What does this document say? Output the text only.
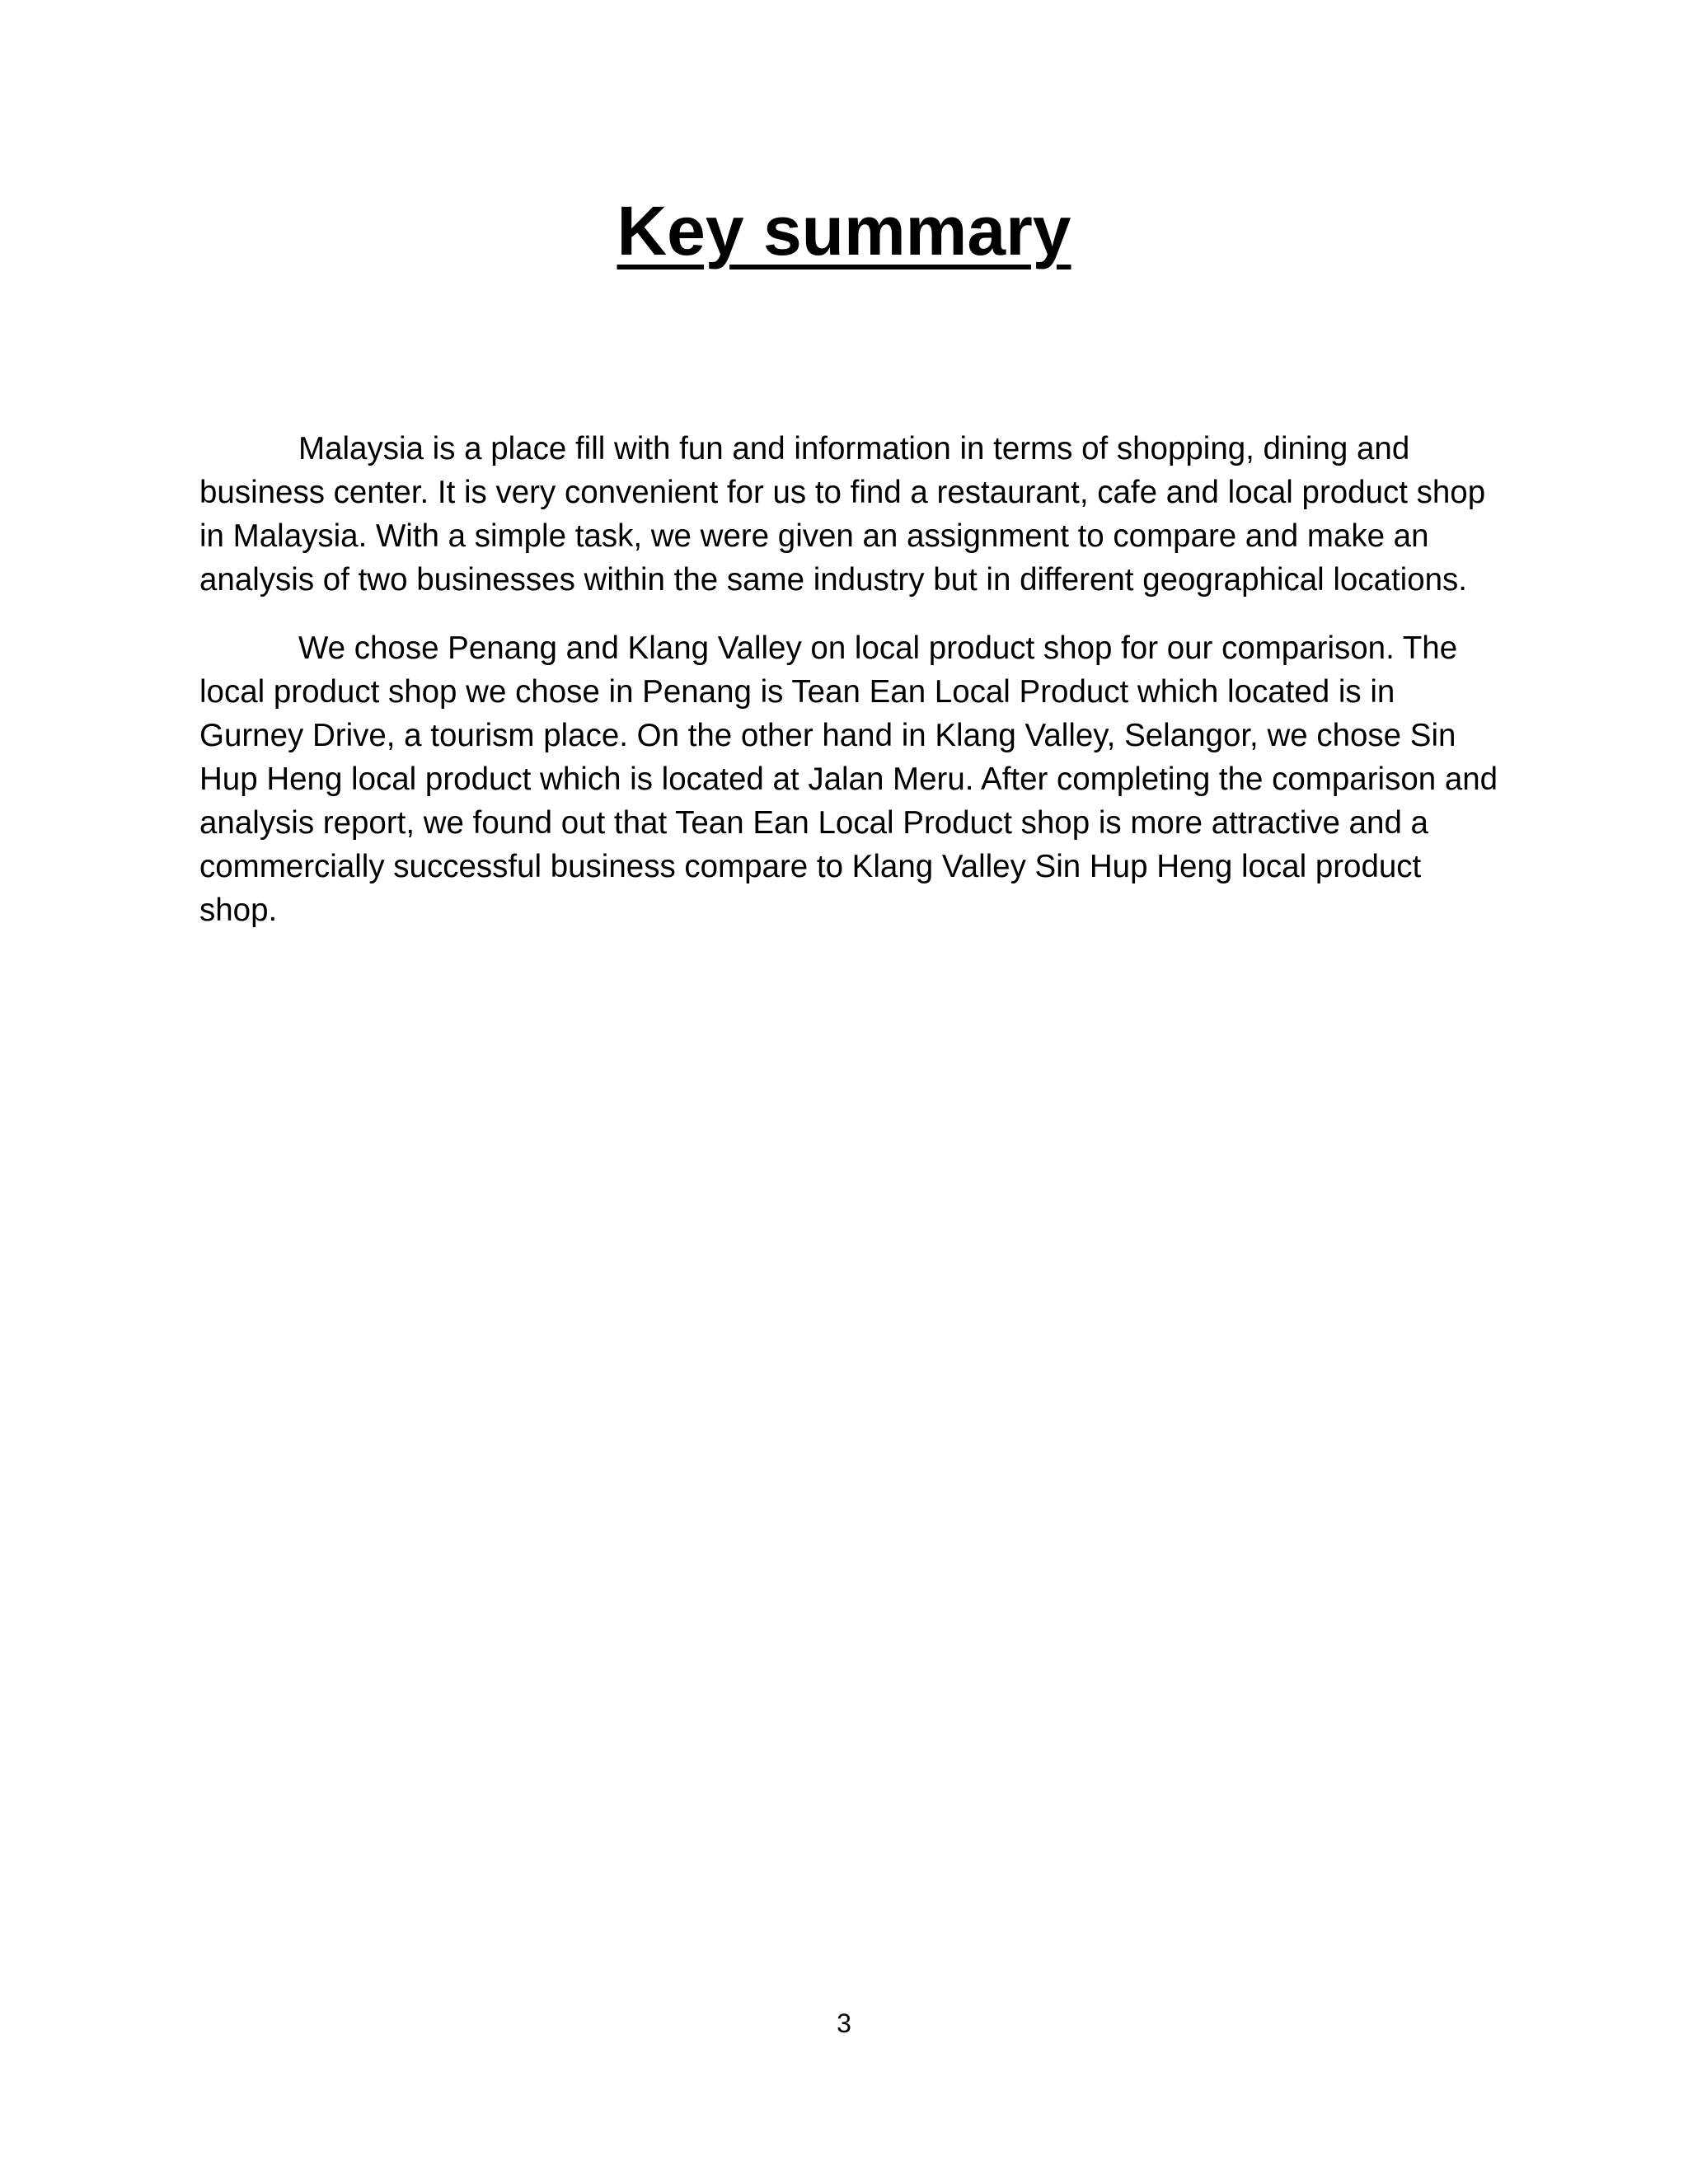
Key summary

Malaysia is a place fill with fun and information in terms of shopping, dining and business center. It is very convenient for us to find a restaurant, cafe and local product shop in Malaysia. With a simple task, we were given an assignment to compare and make an analysis of two businesses within the same industry but in different geographical locations.

We chose Penang and Klang Valley on local product shop for our comparison. The local product shop we chose in Penang is Tean Ean Local Product which located is in Gurney Drive, a tourism place. On the other hand in Klang Valley, Selangor, we chose Sin Hup Heng local product which is located at Jalan Meru. After completing the comparison and analysis report, we found out that Tean Ean Local Product shop is more attractive and a commercially successful business compare to Klang Valley Sin Hup Heng local product shop.

3
